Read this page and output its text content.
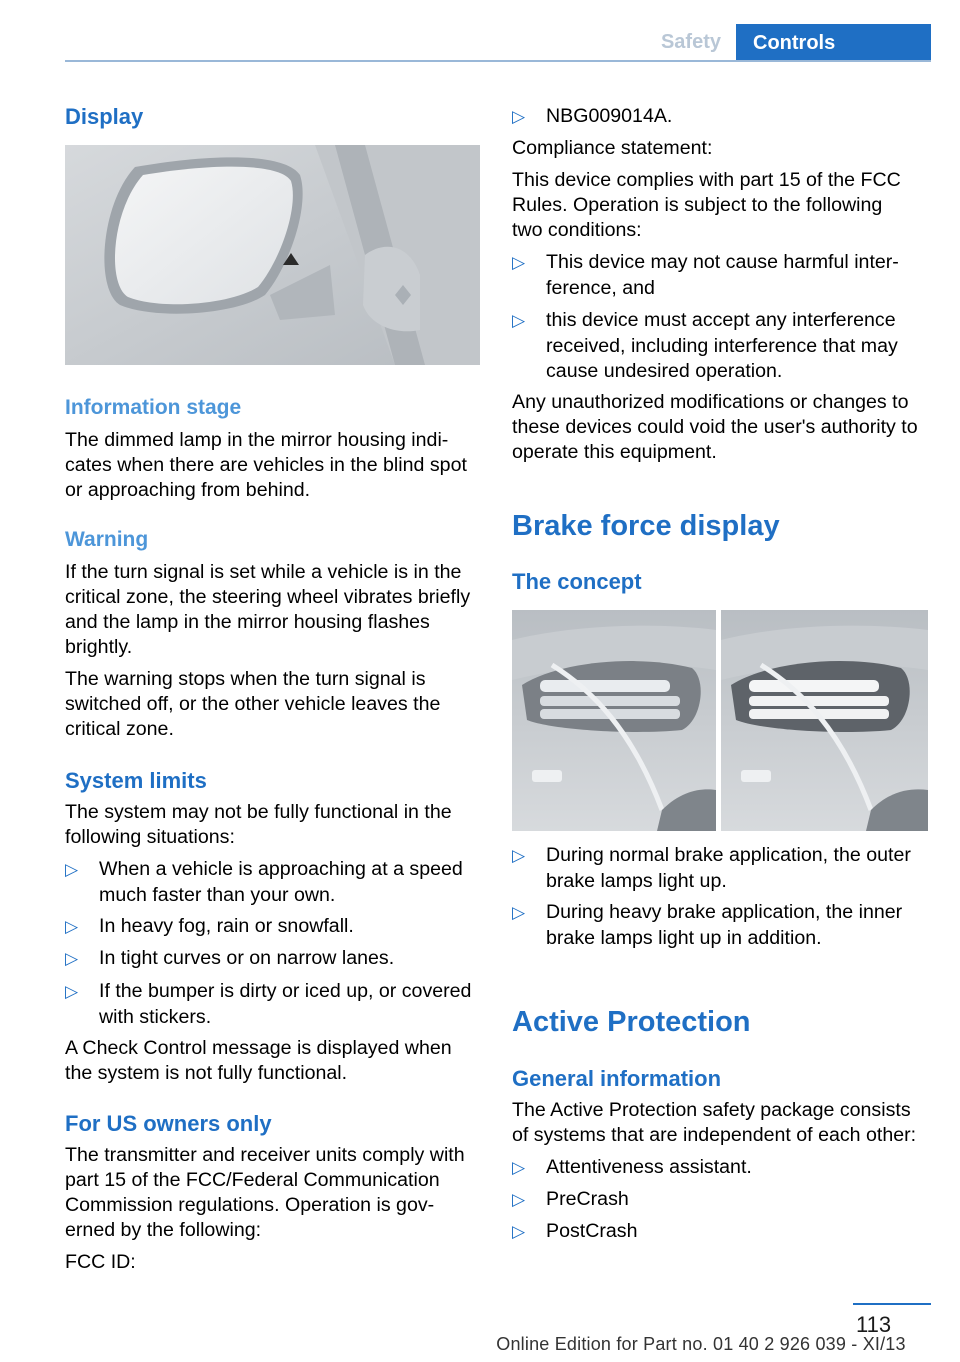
Safety	Controls
Display
Information stage

The dimmed lamp in the mirror housing indi‐

cates when there are vehicles in the blind spot

or approaching from behind.

Warning

If the turn signal is set while a vehicle is in the

critical zone, the steering wheel vibrates briefly

and the lamp in the mirror housing flashes

brightly.

The warning stops when the turn signal is

switched off, or the other vehicle leaves the

critical zone.

System limits

The system may not be fully functional in the

following situations:

▷ When a vehicle is approaching at a speed
much faster than your own.
▷ In heavy fog, rain or snowfall.
▷ In tight curves or on narrow lanes.
▷ If the bumper is dirty or iced up, or covered
with stickers.

A Check Control message is displayed when

the system is not fully functional.

For US owners only

The transmitter and receiver units comply with

part 15 of the FCC/Federal Communication

Commission regulations. Operation is gov‐

erned by the following:

FCC ID:

▷ NBG009014A.

Compliance statement:

This device complies with part 15 of the FCC

Rules. Operation is subject to the following

two conditions:

▷ This device may not cause harmful inter‐
ference, and
▷ this device must accept any interference
received, including interference that may
cause undesired operation.

Any unauthorized modifications or changes to

these devices could void the user's authority to

operate this equipment.

Brake force display
The concept
▷ During normal brake application, the outer
brake lamps light up.
▷ During heavy brake application, the inner
brake lamps light up in addition.
Active Protection
General information

The Active Protection safety package consists

of systems that are independent of each other:

▷ Attentiveness assistant.
▷ PreCrash
▷ PostCrash
113
Online Edition for Part no. 01 40 2 926 039 - XI/13
